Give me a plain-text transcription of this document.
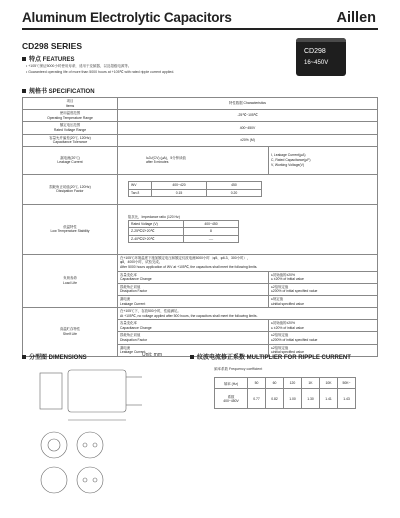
Aluminum Electrolytic Capacitors	Aillen
CD298 SERIES
CD298
16~450V
特点 FEATURES
• +105℃保证5000小时使用寿命，适用于变频器，以及超级电源等。
• Guaranteed operating life of more than 5000 hours at +105℃ with rated ripple current applied.
规格书 SPECIFICATION
项目
Items
	特性数据 Characteristics

使用温度范围
Operating Temperature Range
	-25℃~105℃

额定电压范围
Rated Voltage Range
	400~450V

容量允许偏差(20℃, 120Hz)
Capacitance Tolerance
	±20% (M)

漏电流(20℃)
Leakage Current

I≤3√(CV) (μA)，5分钟读值
after 5 minutes

I, Leakage Current(μA)
C, Rated Capacitance(μF)
V, Working Voltage(V)

损耗角正切值(20℃, 120Hz)
Dissipation Factor

WV	400~420	450
Tan δ	0.15	0.20

低温特性
Low Temperature Stability

阻抗比，Impedance ratio (120 Hz)
Rated Voltage (V)	400~450
Z-25℃/Z+20℃	8
Z-40℃/Z+20℃	----

负荷寿命
Load Life

在+105℃环境温度下施加额定电压和额定纹波电流5000小时（φ5、φ6.3、300小时），
φ8，4000小时，试验完成。
After 5000 hours application of WV at +105℃, the capacitors shall meet the following limits.

容量变化率
Capacitance Change

≤初始值的±20%
≤ ±20% of initial value

损耗角正切值
Dissipation Factor

≤2倍规定值
≤200% of initial specified value

漏电流
Leakage Current

≤规定值
≤initial specified value

高温贮存特性
Shelf Life

在+105℃下，存放500小时，性能满足。
At +105℃, no voltage applied after 500 hours, the capacitors shall meet the following limits.

容量变化率
Capacitance Change

≤初始值的±20%
≤ ±20% of initial value

损耗角正切值
Dissipation Factor

≤2倍规定值
≤200% of initial specified value

漏电流
Leakage Current

≤2倍规定值
≤initial specified value
分型图 DIMENSIONS	Unit: mm	纹波电流修正系数 MULTIPLIER FOR RIPPLE CURRENT
频率系数 Frequency coefficient
频率 (Hz)	50	60	120	1K	10K	50K~

系数
400~450V	0.77	0.82	1.00	1.30	1.41	1.43
